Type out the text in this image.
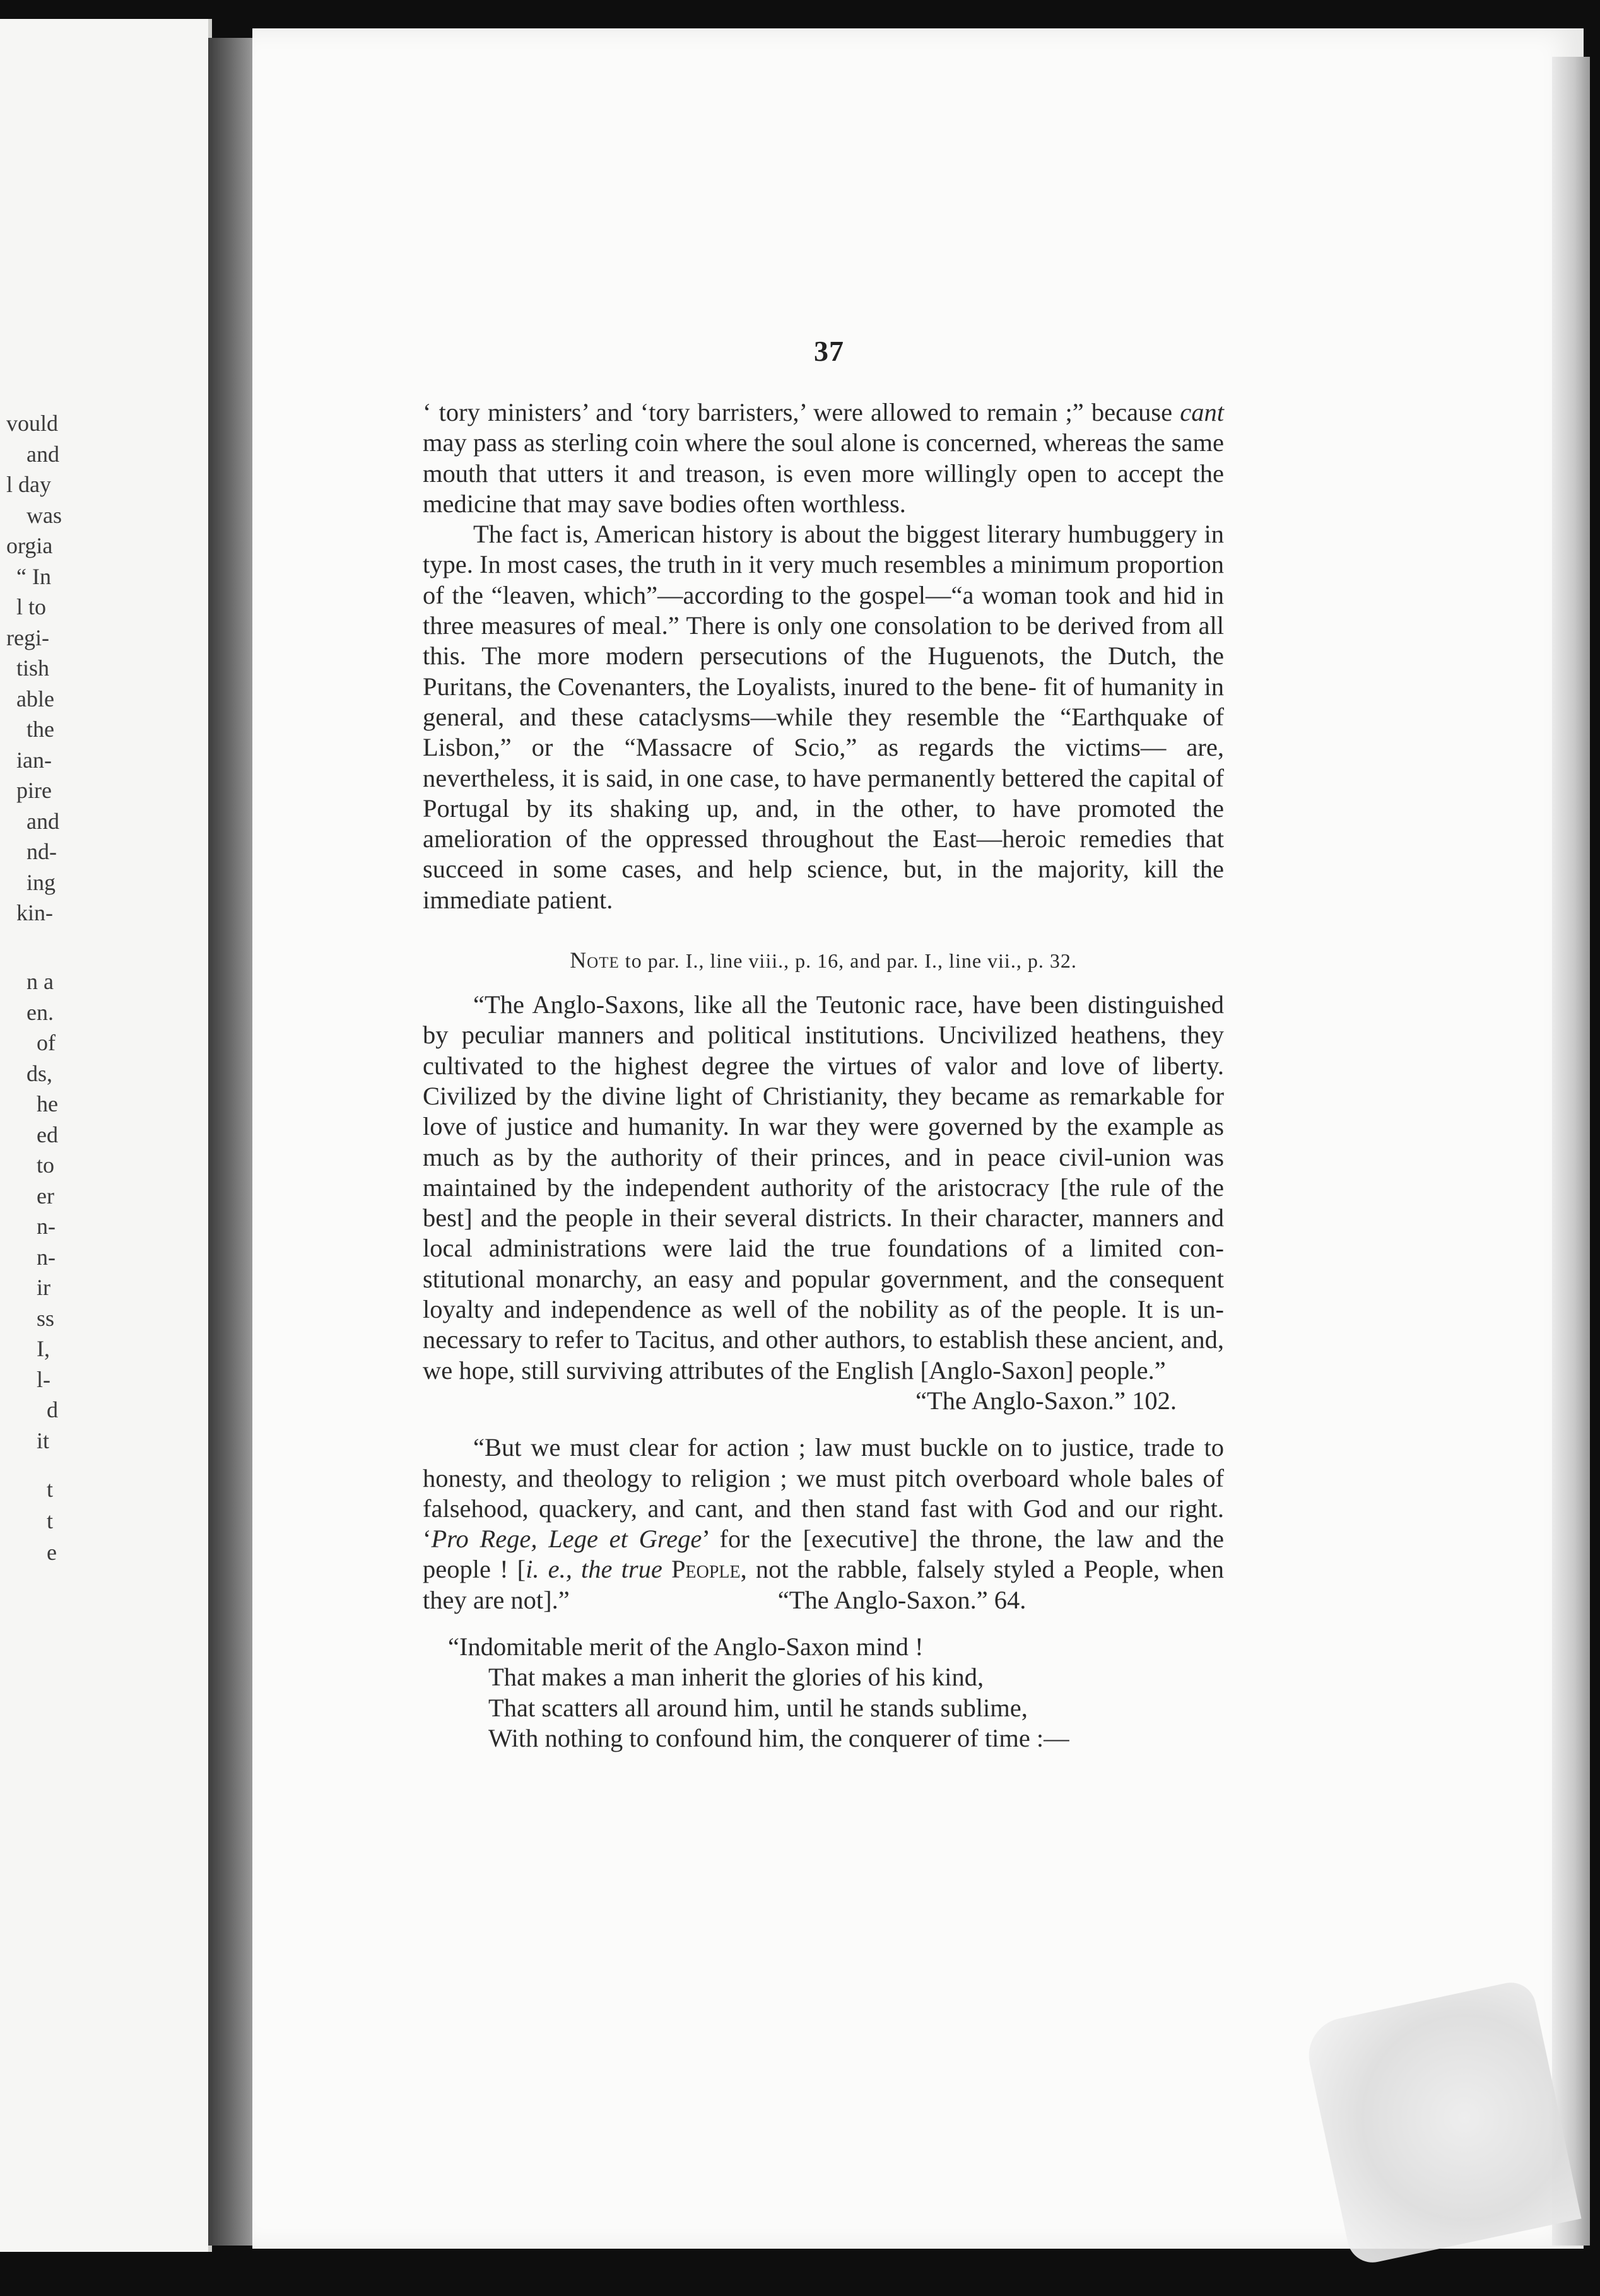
vould
and
l day
was
orgia
“ In
l to
regi-
tish
able
the
ian-
pire
and
nd-
ing
kin-
n a
en.
of
ds,
he
ed
to
er
n-
n-
ir
ss
I,
l-
d
it
t
t
e
37

‘ tory ministers’ and ‘tory barristers,’ were allowed to remain ;” because cant may pass as sterling coin where the soul alone is concerned, whereas the same mouth that utters it and treason, is even more willingly open to accept the medicine that may save bodies often worthless.

The fact is, American history is about the biggest literary humbuggery in type. In most cases, the truth in it very much resembles a minimum proportion of the “leaven, which”—according to the gospel—“a woman took and hid in three measures of meal.” There is only one consolation to be derived from all this. The more modern persecutions of the Huguenots, the Dutch, the Puritans, the Covenanters, the Loyalists, inured to the bene- fit of humanity in general, and these cataclysms—while they resemble the “Earthquake of Lisbon,” or the “Massacre of Scio,” as regards the victims— are, nevertheless, it is said, in one case, to have permanently bettered the capital of Portugal by its shaking up, and, in the other, to have promoted the amelioration of the oppressed throughout the East—heroic remedies that succeed in some cases, and help science, but, in the majority, kill the immediate patient.

Note to par. I., line viii., p. 16, and par. I., line vii., p. 32.

“The Anglo-Saxons, like all the Teutonic race, have been distinguished by peculiar manners and political institutions. Uncivilized heathens, they cultivated to the highest degree the virtues of valor and love of liberty. Civilized by the divine light of Christianity, they became as remarkable for love of justice and humanity. In war they were governed by the example as much as by the authority of their princes, and in peace civil-union was maintained by the independent authority of the aristocracy [the rule of the best] and the people in their several districts. In their character, manners and local administrations were laid the true foundations of a limited con- stitutional monarchy, an easy and popular government, and the consequent loyalty and independence as well of the nobility as of the people. It is un- necessary to refer to Tacitus, and other authors, to establish these ancient, and, we hope, still surviving attributes of the English [Anglo-Saxon] people.”

“The Anglo-Saxon.” 102.

“But we must clear for action ; law must buckle on to justice, trade to honesty, and theology to religion ; we must pitch overboard whole bales of falsehood, quackery, and cant, and then stand fast with God and our right. ‘Pro Rege, Lege et Grege’ for the [executive] the throne, the law and the people ! [i. e., the true People, not the rabble, falsely styled a People, when they are not].”	“The Anglo-Saxon.” 64.

“Indomitable merit of the Anglo-Saxon mind !
That makes a man inherit the glories of his kind,
That scatters all around him, until he stands sublime,
With nothing to confound him, the conquerer of time :—
